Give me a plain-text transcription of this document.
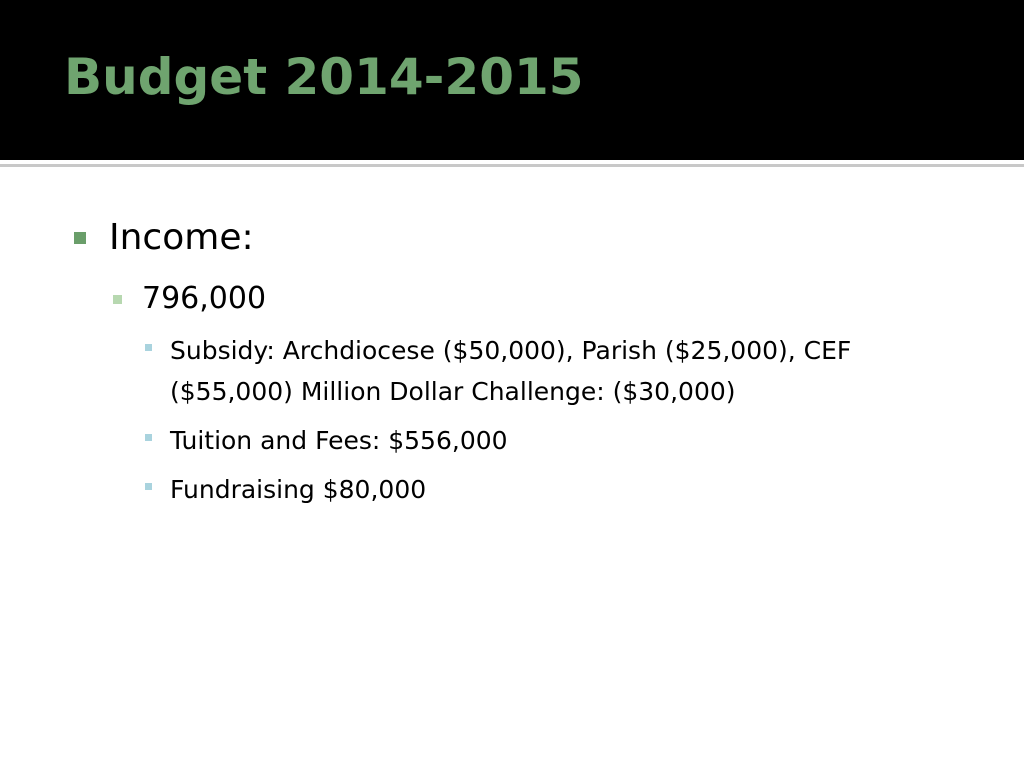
Budget 2014-2015
Income:
796,000
Subsidy: Archdiocese ($50,000), Parish ($25,000), CEF ($55,000) Million Dollar Challenge: ($30,000)
Tuition and Fees: $556,000
Fundraising $80,000
